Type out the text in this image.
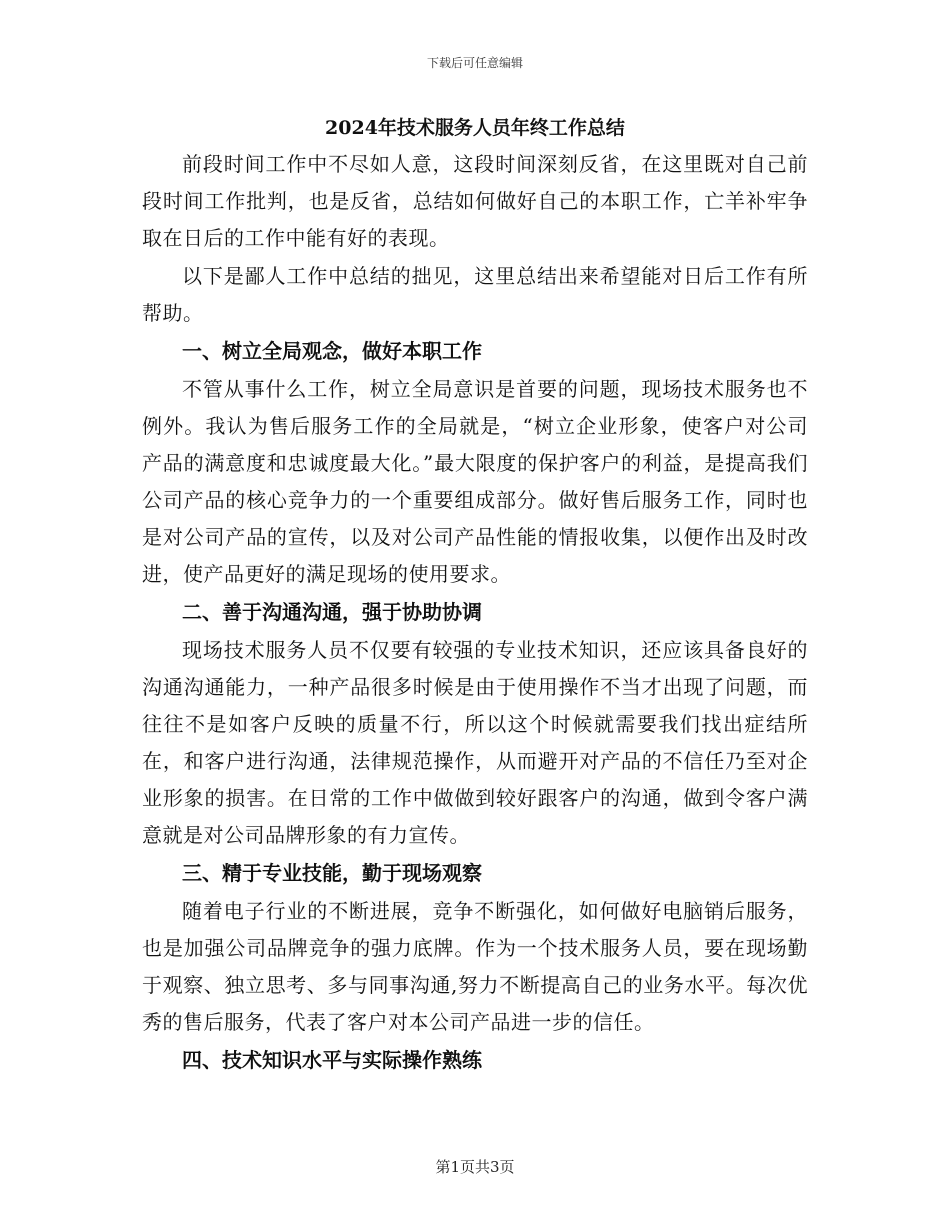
下载后可任意编辑
2024年技术服务人员年终工作总结

前段时间工作中不尽如人意，这段时间深刻反省，在这里既对自己前段时间工作批判，也是反省，总结如何做好自己的本职工作，亡羊补牢争取在日后的工作中能有好的表现。

以下是鄙人工作中总结的拙见，这里总结出来希望能对日后工作有所帮助。

一、树立全局观念，做好本职工作

不管从事什么工作，树立全局意识是首要的问题，现场技术服务也不例外。我认为售后服务工作的全局就是，“树立企业形象，使客户对公司产品的满意度和忠诚度最大化。”最大限度的保护客户的利益，是提高我们公司产品的核心竞争力的一个重要组成部分。做好售后服务工作，同时也是对公司产品的宣传，以及对公司产品性能的情报收集，以便作出及时改进，使产品更好的满足现场的使用要求。

二、善于沟通沟通，强于协助协调

现场技术服务人员不仅要有较强的专业技术知识，还应该具备良好的沟通沟通能力，一种产品很多时候是由于使用操作不当才出现了问题，而往往不是如客户反映的质量不行，所以这个时候就需要我们找出症结所在，和客户进行沟通，法律规范操作，从而避开对产品的不信任乃至对企业形象的损害。在日常的工作中做做到较好跟客户的沟通，做到令客户满意就是对公司品牌形象的有力宣传。

三、精于专业技能，勤于现场观察

随着电子行业的不断进展，竞争不断强化，如何做好电脑销后服务，也是加强公司品牌竞争的强力底牌。作为一个技术服务人员，要在现场勤于观察、独立思考、多与同事沟通,努力不断提高自己的业务水平。每次优秀的售后服务，代表了客户对本公司产品进一步的信任。

四、技术知识水平与实际操作熟练

第1页共3页
